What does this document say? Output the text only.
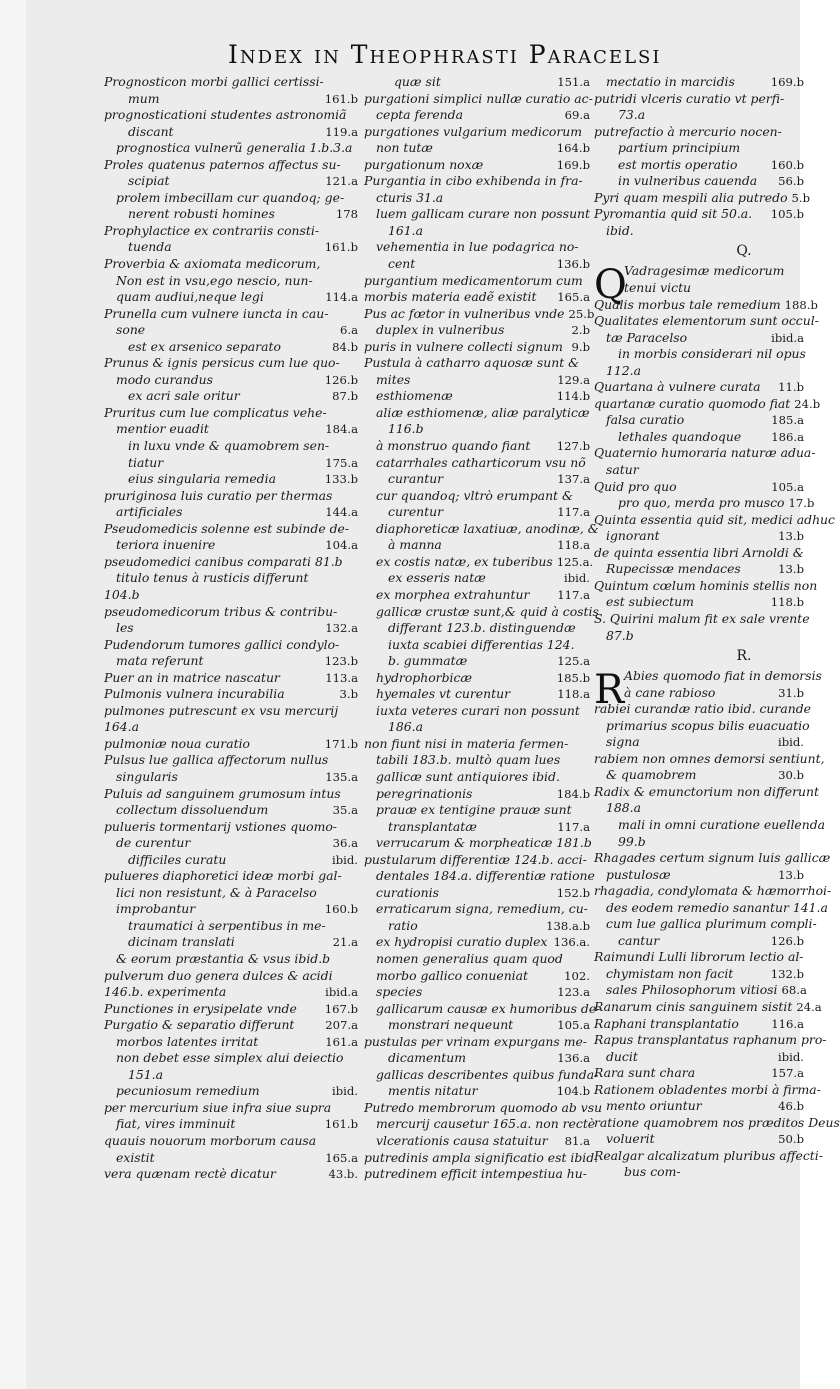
Index in Theophrasti Paracelsi
Prognosticon morbi gallici certissi-
mum	161.b
prognosticationi studentes astronomiã
discant	119.a
prognostica vulnerũ generalia 1.b.3.a
Proles quatenus paternos affectus su-
scipiat	121.a
prolem imbecillam cur quandoq; ge-
nerent robusti homines	178
Prophylactice ex contrariis consti-
tuenda	161.b
Proverbia & axiomata medicorum,
Non est in vsu,ego nescio, nun-
quam audiui,neque legi	114.a
Prunella cum vulnere iuncta in cau-
sone	6.a
est ex arsenico separato	84.b
Prunus & ignis persicus cum lue quo-
modo curandus	126.b
ex acri sale oritur	87.b
Pruritus cum lue complicatus vehe-
mentior euadit	184.a
in luxu vnde & quamobrem sen-
tiatur	175.a
eius singularia remedia	133.b
pruriginosa luis curatio per thermas
artificiales	144.a
Pseudomedicis solenne est subinde de-
teriora inuenire	104.a
pseudomedici canibus comparati 81.b
titulo tenus à rusticis differunt
104.b
pseudomedicorum tribus & contribu-
les	132.a
Pudendorum tumores gallici condylo-
mata referunt	123.b
Puer an in matrice nascatur	113.a
Pulmonis vulnera incurabilia	3.b
pulmones putrescunt ex vsu mercurij
164.a
pulmoniæ noua curatio	171.b
Pulsus lue gallica affectorum nullus
singularis	135.a
Puluis ad sanguinem grumosum intus
collectum dissoluendum	35.a
pulueris tormentarij vstiones quomo-
de curentur	36.a
difficiles curatu	ibid.
pulueres diaphoretici ideæ morbi gal-
lici non resistunt, & à Paracelso
improbantur	160.b
traumatici à serpentibus in me-
dicinam translati	21.a
& eorum præstantia & vsus ibid.b
pulverum duo genera dulces & acidi
146.b. experimenta	ibid.a
Punctiones in erysipelate vnde	167.b
Purgatio & separatio differunt	207.a
morbos latentes irritat	161.a
non debet esse simplex alui deiectio
151.a
pecuniosum remedium	ibid.
per mercurium siue infra siue supra
fiat, vires imminuit	161.b
quauis nouorum morborum causa
existit	165.a
vera quænam rectè dicatur	43.b.
quæ sit	151.a
purgationi simplici nullæ curatio ac-
cepta ferenda	69.a
purgationes vulgarium medicorum
non tutæ	164.b
purgationum noxæ	169.b
Purgantia in cibo exhibenda in fra-
cturis 31.a
luem gallicam curare non possunt
161.a
vehementia in lue podagrica no-
cent	136.b
purgantium medicamentorum cum
morbis materia eadẽ existit	165.a
Pus ac fœtor in vulneribus vnde 25.b
duplex in vulneribus	2.b
puris in vulnere collecti signum 9.b
Pustula à catharro aquosæ sunt &
mites	129.a
esthiomenæ	114.b
aliæ esthiomenæ, aliæ paralyticæ
116.b
à monstruo quando fiant	127.b
catarrhales catharticorum vsu nõ
curantur	137.a
cur quandoq; vltrò erumpant &
curentur	117.a
diaphoreticæ laxatiuæ, anodinæ, &
à manna	118.a
ex costis natæ, ex tuberibus 125.a.
ex esseris natæ	ibid.
ex morphea extrahuntur	117.a
gallicæ crustæ sunt,& quid à costis
differant 123.b. distinguendæ
iuxta scabiei differentias 124.
b. gummatæ	125.a
hydrophorbicæ	185.b
hyemales vt curentur	118.a
iuxta veteres curari non possunt
186.a
non fiunt nisi in materia fermen-
tabili 183.b. multò quam lues
gallicæ sunt antiquiores ibid.
peregrinationis	184.b
prauæ ex tentigine prauæ sunt
transplantatæ	117.a
verrucarum & morpheaticæ 181.b
pustularum differentiæ 124.b. acci-
dentales 184.a. differentiæ ratione
curationis	152.b
erraticarum signa, remedium, cu-
ratio	138.a.b
ex hydropisi curatio duplex 136.a.
nomen generalius quam quod
morbo gallico conueniat	102.
species	123.a
gallicarum causæ ex humoribus de-
monstrari nequeunt	105.a
pustulas per vrinam expurgans me-
dicamentum	136.a
gallicas describentes quibus funda-
mentis nitatur	104.b
Putredo membrorum quomodo ab vsu
mercurij causetur 165.a. non rectè
vlcerationis causa statuitur	81.a
putredinis ampla significatio est ibid.
putredinem efficit intempestiua hu-
mectatio in marcidis	169.b
putridi vlceris curatio vt perfi-
73.a
putrefactio à mercurio nocen-
partium principium
est mortis operatio	160.b
in vulneribus cauenda	56.b
Pyri quam mespili alia putredo 5.b
Pyromantia quid sit 50.a.	105.b
ibid.
Q.
Q
Vadragesimæ medicorum
tenui victu
Qualis morbus tale remedium 188.b
Qualitates elementorum sunt occul-
tæ Paracelso	ibid.a
in morbis considerari nil opus
112.a
Quartana à vulnere curata	11.b
quartanæ curatio quomodo fiat 24.b
falsa curatio	185.a
lethales quandoque	186.a
Quaternio humoraria naturæ adua-
satur
Quid pro quo	105.a
pro quo, merda pro musco 17.b
Quinta essentia quid sit, medici adhuc
ignorant	13.b
de quinta essentia libri Arnoldi &
Rupecissæ mendaces	13.b
Quintum cœlum hominis stellis non
est subiectum	118.b
S. Quirini malum fit ex sale vrente
87.b
R.
R Abies quomodo fiat in demorsis
à cane rabioso	31.b
rabiei curandæ ratio ibid. curande
primarius scopus bilis euacuatio
signa	ibid.
rabiem non omnes demorsi sentiunt,
& quamobrem	30.b
Radix & emunctorium non differunt
188.a
mali in omni curatione euellenda
99.b
Rhagades certum signum luis gallicæ
pustulosæ	13.b
rhagadia, condylomata & hæmorrhoi-
des eodem remedio sanantur 141.a
cum lue gallica plurimum compli-
cantur	126.b
Raimundi Lulli librorum lectio al-
chymistam non facit	132.b
sales Philosophorum vitiosi 68.a
Ranarum cinis sanguinem sistit 24.a
Raphani transplantatio	116.a
Rapus transplantatus raphanum pro-
ducit	ibid.
Rara sunt chara	157.a
Rationem obladentes morbi à firma-
mento oriuntur	46.b
ratione quamobrem nos præditos Deus
voluerit	50.b
Realgar alcalizatum pluribus affecti-
bus com-
